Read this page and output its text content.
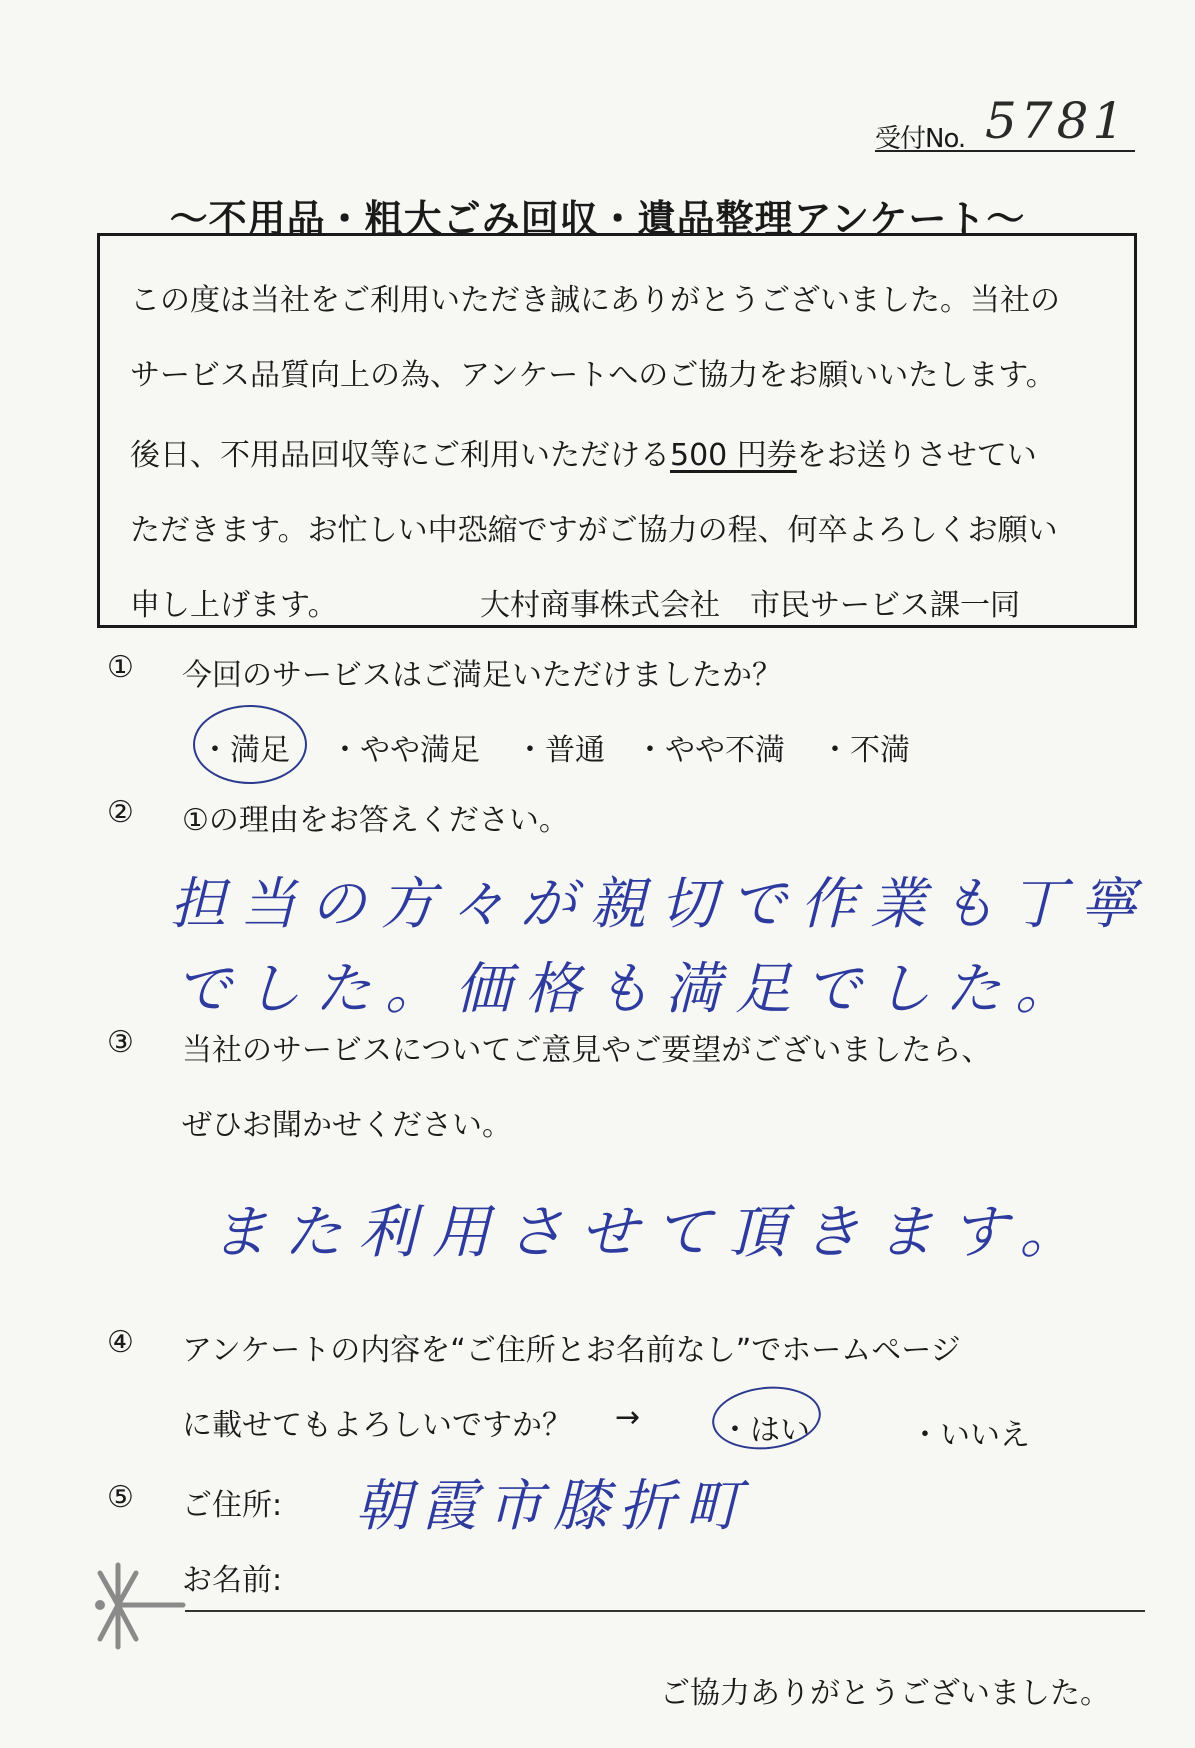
受付No. 5781
～不用品・粗大ごみ回収・遺品整理アンケート～
この度は当社をご利用いただき誠にありがとうございました。当社の
サービス品質向上の為、アンケートへのご協力をお願いいたします。
後日、不用品回収等にご利用いただける500 円券をお送りさせてい
ただきます。お忙しい中恐縮ですがご協力の程、何卒よろしくお願い
申し上げます。	大村商事株式会社　市民サービス課一同
① 今回のサービスはご満足いただけましたか？
・満足 ・やや満足 ・普通 ・やや不満 ・不満
② ①の理由をお答えください。
担当の方々が親切で作業も丁寧
でした。価格も満足でした。
③ 当社のサービスについてご意見やご要望がございましたら、
ぜひお聞かせください。
また利用させて頂きます。
④ アンケートの内容を“ご住所とお名前なし”でホームページ
に載せてもよろしいですか？ →	・はい	・いいえ
⑤ ご住所: 朝霞市膝折町
お名前:
ご協力ありがとうございました。
